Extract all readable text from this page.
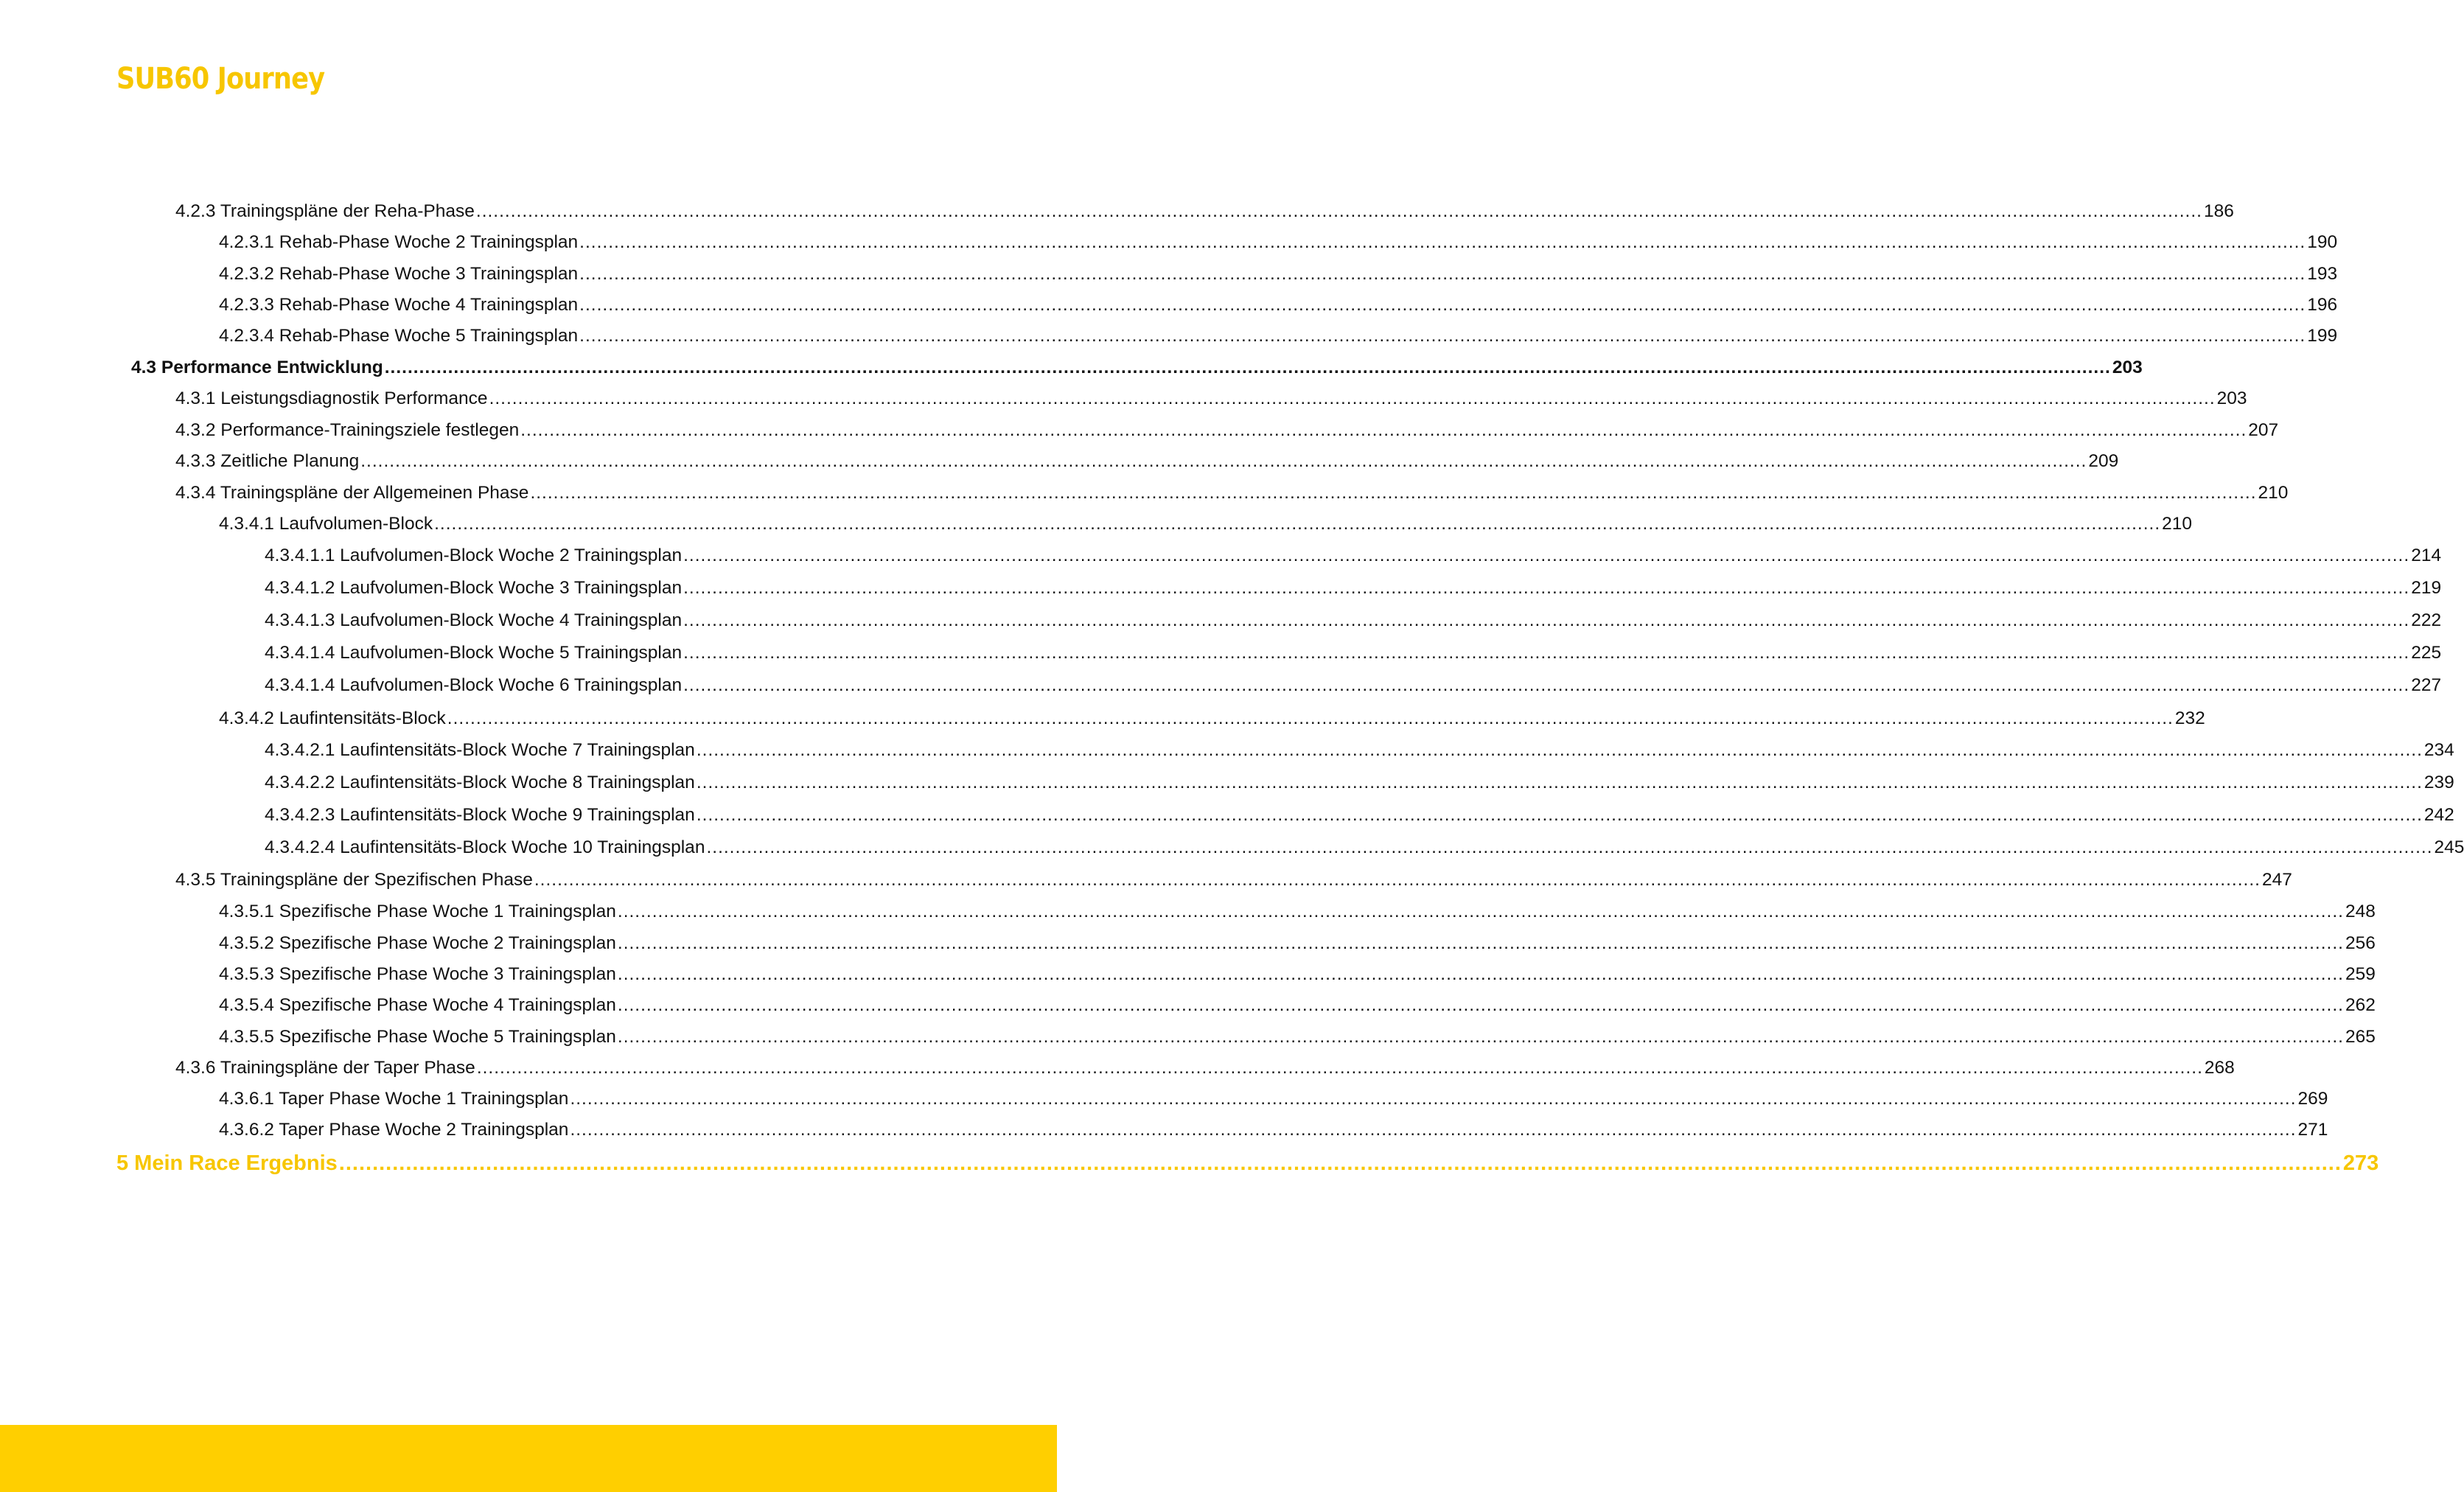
SUB60 Journey
4.2.3 Trainingspläne der Reha-Phase ............................................................................................................................................................................................................................................................................................................ 186
4.2.3.1 Rehab-Phase Woche 2 Trainingsplan ............................................................................................................................................................................................................................................................................................................ 190
4.2.3.2 Rehab-Phase Woche 3 Trainingsplan ............................................................................................................................................................................................................................................................................................................ 193
4.2.3.3 Rehab-Phase Woche 4 Trainingsplan ............................................................................................................................................................................................................................................................................................................ 196
4.2.3.4 Rehab-Phase Woche 5 Trainingsplan ............................................................................................................................................................................................................................................................................................................ 199
4.3 Performance Entwicklung ............................................................................................................................................................................................................................................................................................................ 203
4.3.1 Leistungsdiagnostik Performance ............................................................................................................................................................................................................................................................................................................ 203
4.3.2 Performance-Trainingsziele festlegen ............................................................................................................................................................................................................................................................................................................ 207
4.3.3 Zeitliche Planung ............................................................................................................................................................................................................................................................................................................ 209
4.3.4 Trainingspläne der Allgemeinen Phase ............................................................................................................................................................................................................................................................................................................ 210
4.3.4.1 Laufvolumen-Block ............................................................................................................................................................................................................................................................................................................ 210
4.3.4.1.1 Laufvolumen-Block Woche 2 Trainingsplan ............................................................................................................................................................................................................................................................................................................ 214
4.3.4.1.2 Laufvolumen-Block Woche 3 Trainingsplan ............................................................................................................................................................................................................................................................................................................ 219
4.3.4.1.3 Laufvolumen-Block Woche 4 Trainingsplan ............................................................................................................................................................................................................................................................................................................ 222
4.3.4.1.4 Laufvolumen-Block Woche 5 Trainingsplan ............................................................................................................................................................................................................................................................................................................ 225
4.3.4.1.4 Laufvolumen-Block Woche 6 Trainingsplan ............................................................................................................................................................................................................................................................................................................ 227
4.3.4.2 Laufintensitäts-Block ............................................................................................................................................................................................................................................................................................................ 232
4.3.4.2.1 Laufintensitäts-Block Woche 7 Trainingsplan ............................................................................................................................................................................................................................................................................................................ 234
4.3.4.2.2 Laufintensitäts-Block Woche 8 Trainingsplan ............................................................................................................................................................................................................................................................................................................ 239
4.3.4.2.3 Laufintensitäts-Block Woche 9 Trainingsplan ............................................................................................................................................................................................................................................................................................................ 242
4.3.4.2.4 Laufintensitäts-Block Woche 10 Trainingsplan ............................................................................................................................................................................................................................................................................................................ 245
4.3.5 Trainingspläne der Spezifischen Phase ............................................................................................................................................................................................................................................................................................................ 247
4.3.5.1 Spezifische Phase Woche 1 Trainingsplan ............................................................................................................................................................................................................................................................................................................ 248
4.3.5.2 Spezifische Phase Woche 2 Trainingsplan ............................................................................................................................................................................................................................................................................................................ 256
4.3.5.3 Spezifische Phase Woche 3 Trainingsplan ............................................................................................................................................................................................................................................................................................................ 259
4.3.5.4 Spezifische Phase Woche 4 Trainingsplan ............................................................................................................................................................................................................................................................................................................ 262
4.3.5.5 Spezifische Phase Woche 5 Trainingsplan ............................................................................................................................................................................................................................................................................................................ 265
4.3.6 Trainingspläne der Taper Phase ............................................................................................................................................................................................................................................................................................................ 268
4.3.6.1 Taper Phase Woche 1 Trainingsplan ............................................................................................................................................................................................................................................................................................................ 269
4.3.6.2 Taper Phase Woche 2 Trainingsplan ............................................................................................................................................................................................................................................................................................................ 271
5 Mein Race Ergebnis ............................................................................................................................................................................................................................................................................................................ 273
